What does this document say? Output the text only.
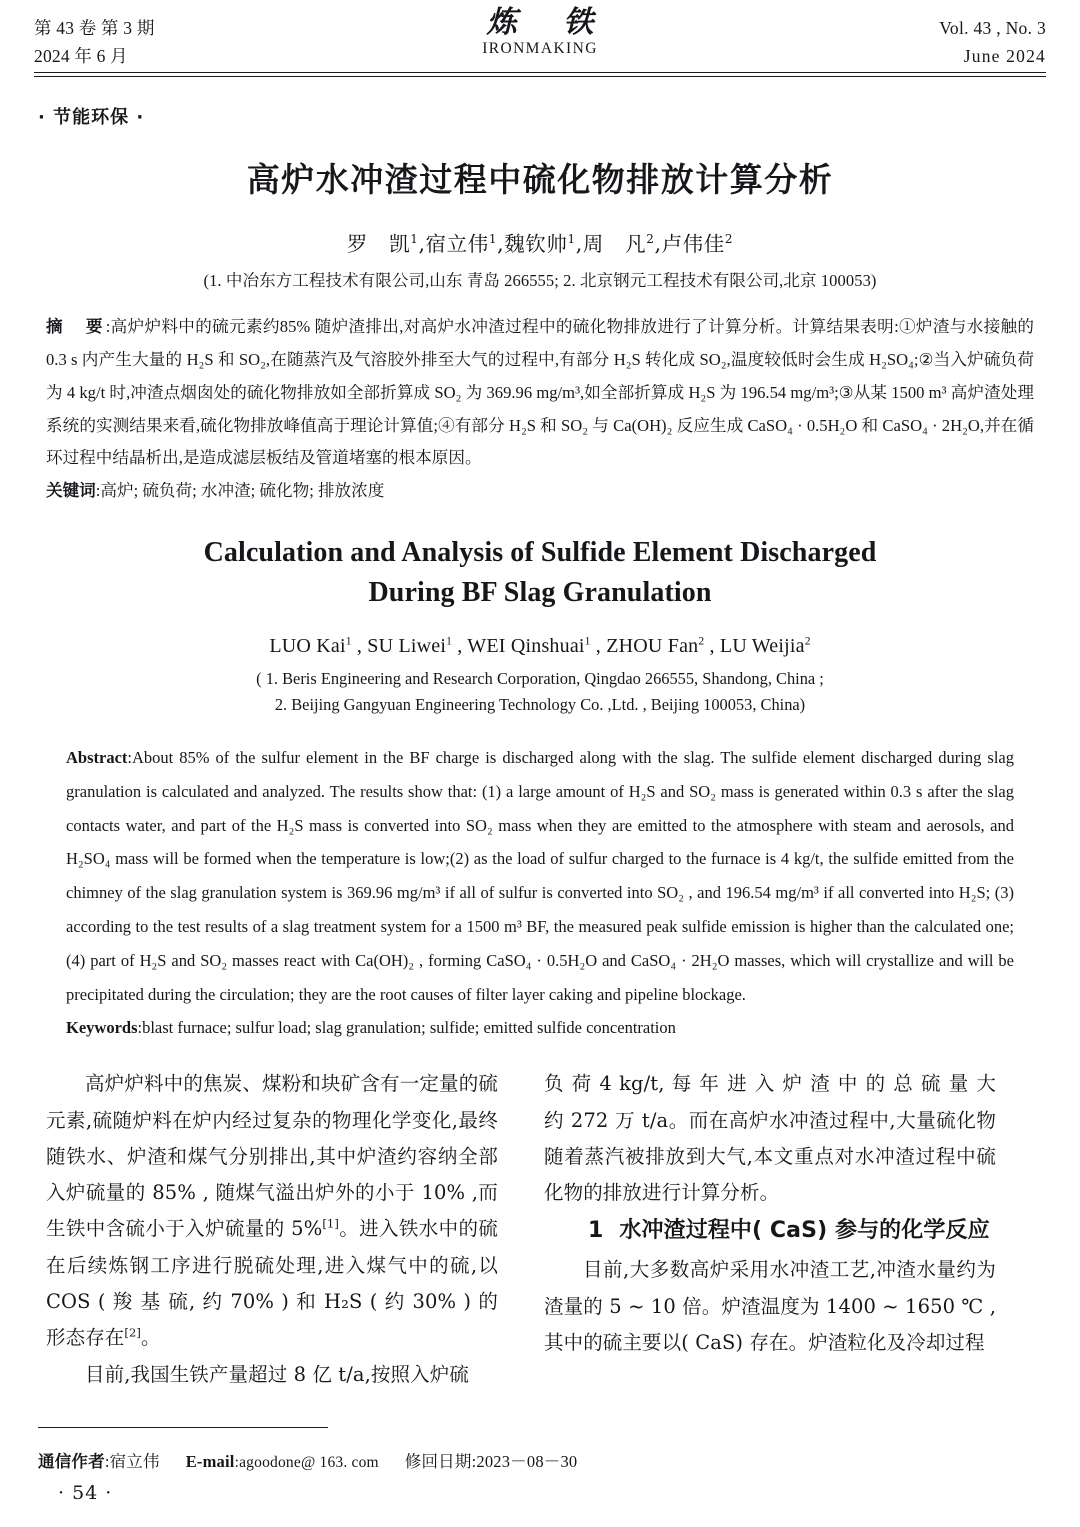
第 43 卷 第 3 期
2024 年 6 月
炼 铁
IRONMAKING
Vol. 43 , No. 3
June 2024
· 节能环保 ·
高炉水冲渣过程中硫化物排放计算分析
罗　凯$^1$,宿立伟$^1$,魏钦帅$^1$,周　凡$^2$,卢伟佳$^2$
(1. 中冶东方工程技术有限公司,山东 青岛 266555; 2. 北京钢元工程技术有限公司,北京 100053)
摘　要:高炉炉料中的硫元素约85% 随炉渣排出,对高炉水冲渣过程中的硫化物排放进行了计算分析。计算结果表明:①炉渣与水接触的 0.3 s 内产生大量的 H₂S 和 SO₂,在随蒸汽及气溶胶外排至大气的过程中,有部分 H₂S 转化成 SO₂,温度较低时会生成 H₂SO₄;②当入炉硫负荷为 4 kg/t 时,冲渣点烟囱处的硫化物排放如全部折算成 SO₂ 为 369.96 mg/m³,如全部折算成 H₂S 为 196.54 mg/m³;③从某 1500 m³ 高炉渣处理系统的实测结果来看,硫化物排放峰值高于理论计算值;④有部分 H₂S 和 SO₂ 与 Ca(OH)₂ 反应生成 CaSO₄ · 0.5H₂O 和 CaSO₄ · 2H₂O,并在循环过程中结晶析出,是造成滤层板结及管道堵塞的根本原因。
关键词:高炉; 硫负荷; 水冲渣; 硫化物; 排放浓度
Calculation and Analysis of Sulfide Element Discharged
During BF Slag Granulation
LUO Kai$^1$ , SU Liwei$^1$ , WEI Qinshuai$^1$ , ZHOU Fan$^2$ , LU Weijia$^2$
( 1. Beris Engineering and Research Corporation, Qingdao 266555, Shandong, China ;
2. Beijing Gangyuan Engineering Technology Co. ,Ltd. , Beijing 100053, China)
Abstract:About 85% of the sulfur element in the BF charge is discharged along with the slag. The sulfide element discharged during slag granulation is calculated and analyzed. The results show that: (1) a large amount of H₂S and SO₂ mass is generated within 0.3 s after the slag contacts water, and part of the H₂S mass is converted into SO₂ mass when they are emitted to the atmosphere with steam and aerosols, and H₂SO₄ mass will be formed when the temperature is low;(2) as the load of sulfur charged to the furnace is 4 kg/t, the sulfide emitted from the chimney of the slag granulation system is 369.96 mg/m³ if all of sulfur is converted into SO₂ , and 196.54 mg/m³ if all converted into H₂S; (3) according to the test results of a slag treatment system for a 1500 m³ BF, the measured peak sulfide emission is higher than the calculated one;(4) part of H₂S and SO₂ masses react with Ca(OH)₂ , forming CaSO₄ · 0.5H₂O and CaSO₄ · 2H₂O masses, which will crystallize and will be precipitated during the circulation; they are the root causes of filter layer caking and pipeline blockage.
Keywords:blast furnace; sulfur load; slag granulation; sulfide; emitted sulfide concentration

高炉炉料中的焦炭、煤粉和块矿含有一定量的硫元素,硫随炉料在炉内经过复杂的物理化学变化,最终随铁水、炉渣和煤气分别排出,其中炉渣约容纳全部入炉硫量的 85% , 随煤气溢出炉外的小于 10% ,而生铁中含硫小于入炉硫量的 5%[1]。进入铁水中的硫在后续炼钢工序进行脱硫处理,进入煤气中的硫,以 COS ( 羧 基 硫, 约 70% ) 和 H₂S ( 约 30% ) 的形态存在[2]。

目前,我国生铁产量超过 8 亿 t/a,按照入炉硫

负 荷 4 kg/t, 每 年 进 入 炉 渣 中 的 总 硫 量 大 约 272 万 t/a。而在高炉水冲渣过程中,大量硫化物随着蒸汽被排放到大气,本文重点对水冲渣过程中硫化物的排放进行计算分析。

1 水冲渣过程中( CaS) 参与的化学反应

目前,大多数高炉采用水冲渣工艺,冲渣水量约为渣量的 5 ~ 10 倍。炉渣温度为 1400 ~ 1650 ℃ ,其中的硫主要以( CaS) 存在。炉渣粒化及冷却过程

通信作者:宿立伟 E-mail:agoodone@ 163. com 修回日期:2023－08－30
· 54 ·
